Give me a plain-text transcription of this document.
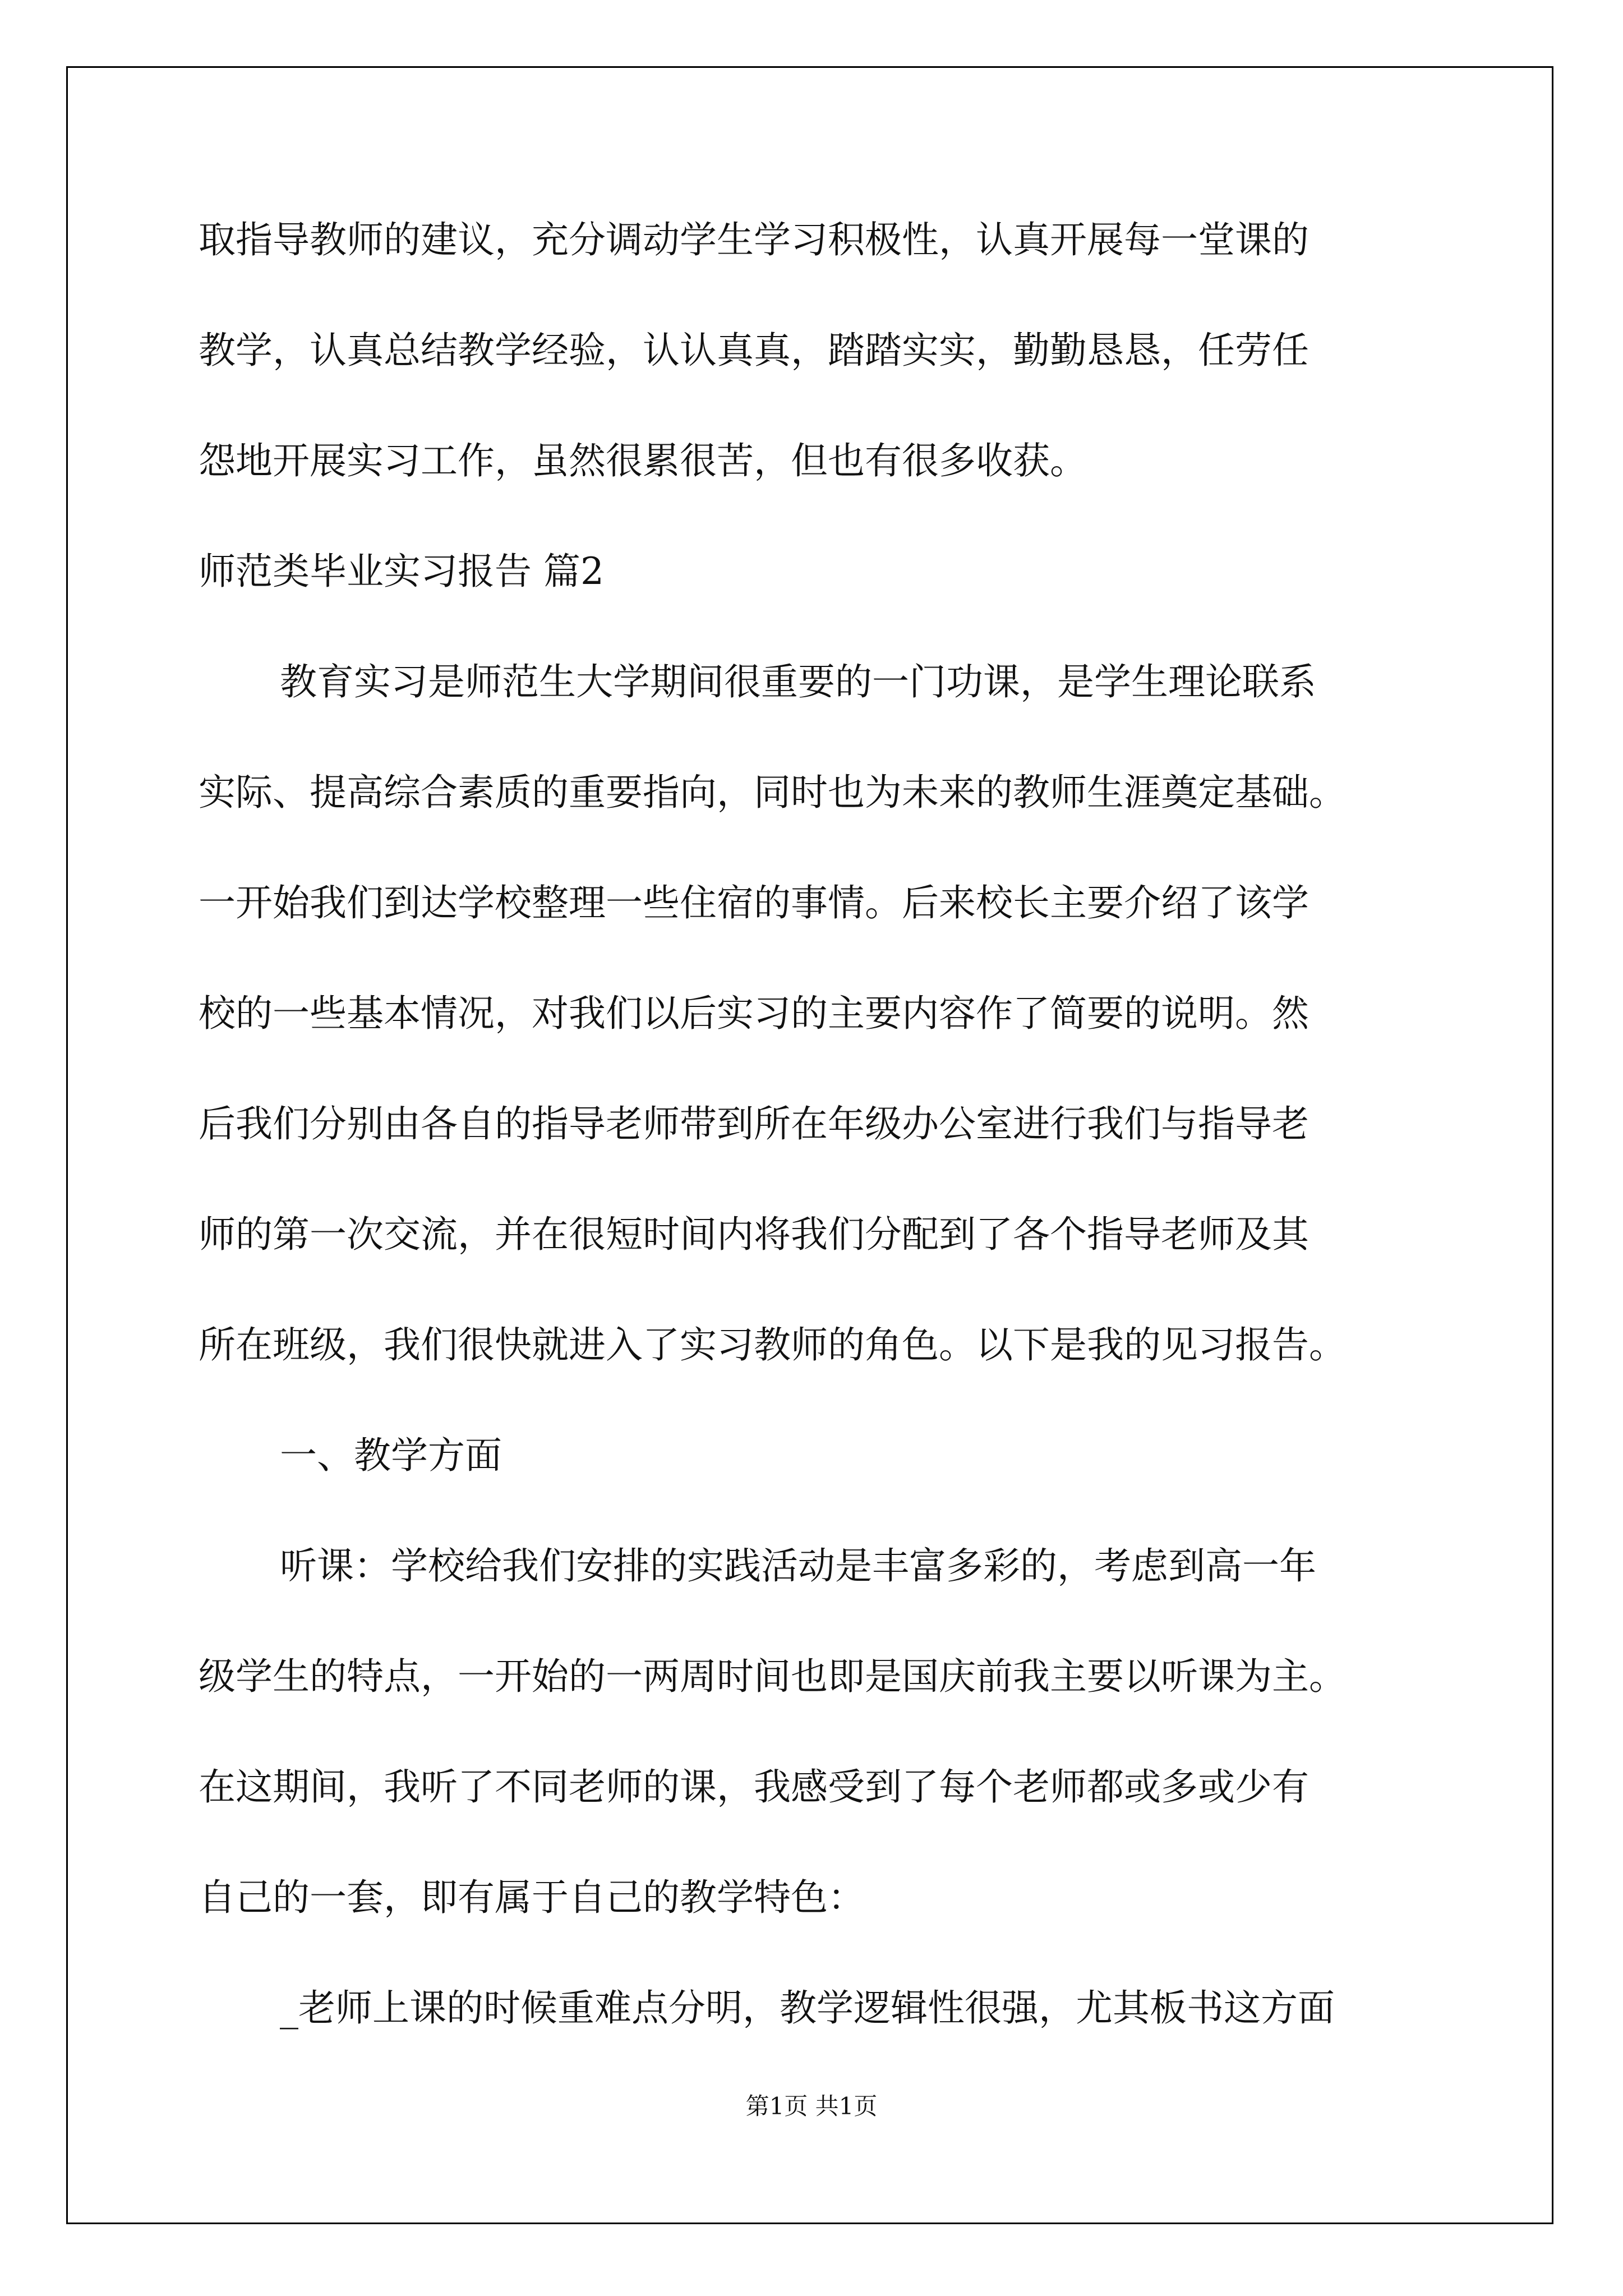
取指导教师的建议，充分调动学生学习积极性，认真开展每一堂课的
教学，认真总结教学经验，认认真真，踏踏实实，勤勤恳恳，任劳任
怨地开展实习工作，虽然很累很苦，但也有很多收获。
师范类毕业实习报告 篇2
教育实习是师范生大学期间很重要的一门功课，是学生理论联系
实际、提高综合素质的重要指向，同时也为未来的教师生涯奠定基础。
一开始我们到达学校整理一些住宿的事情。后来校长主要介绍了该学
校的一些基本情况，对我们以后实习的主要内容作了简要的说明。然
后我们分别由各自的指导老师带到所在年级办公室进行我们与指导老
师的第一次交流，并在很短时间内将我们分配到了各个指导老师及其
所在班级，我们很快就进入了实习教师的角色。以下是我的见习报告。
一、教学方面
听课：学校给我们安排的实践活动是丰富多彩的，考虑到高一年
级学生的特点，一开始的一两周时间也即是国庆前我主要以听课为主。
在这期间，我听了不同老师的课，我感受到了每个老师都或多或少有
自己的一套，即有属于自己的教学特色：
_老师上课的时候重难点分明，教学逻辑性很强，尤其板书这方面
第1页 共1页
